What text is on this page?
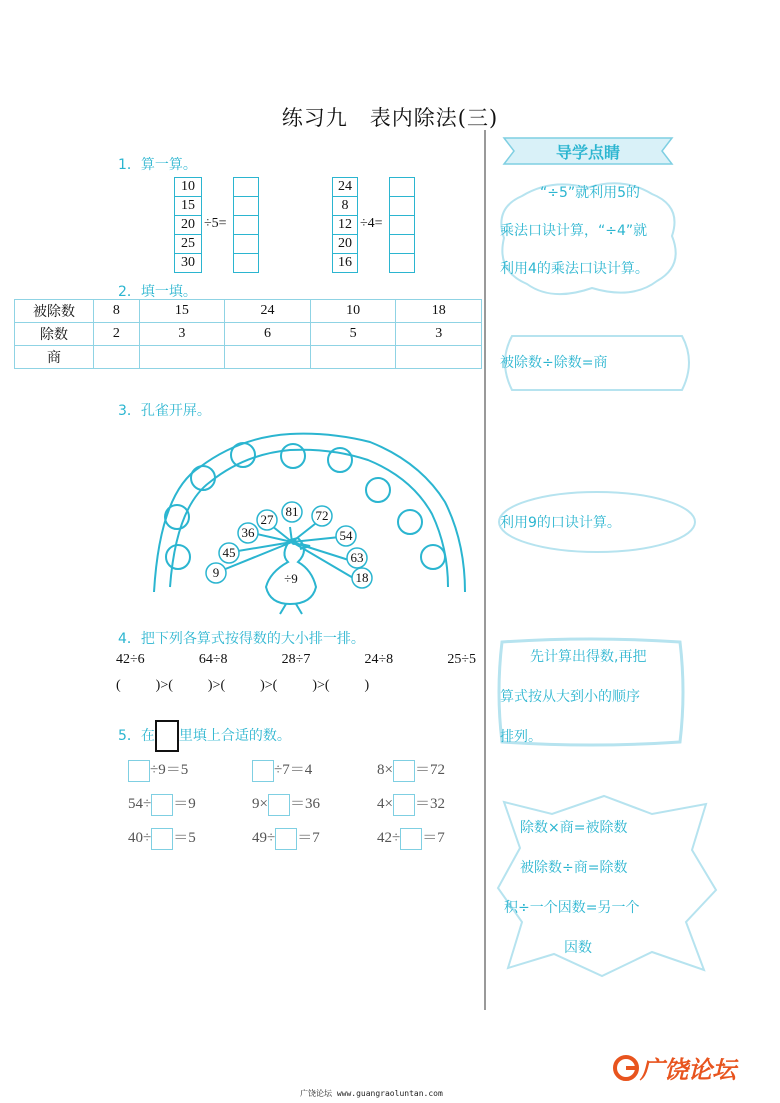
练习九　表内除法(三)
1．算一算。
10
15
20
25
30
÷5=
24
8
12
20
16
÷4=
2．填一填。
被除数	8	15	24	10	18
除数	2	3	6	5	3
商					
3．孔雀开屏。
81 72
27
36	54
45	63
9	18
÷9
4．把下列各算式按得数的大小排一排。
42÷6	64÷8	28÷7	24÷8	25÷5
(          )>(          )>(          )>(          )>(          )
5．在 里填上合适的数。
÷9＝5	÷7＝4	8× ＝72
54÷ ＝9	9× ＝36	4× ＝32
40÷ ＝5	49÷ ＝7	42÷ ＝7
导学点睛
“÷5”就利用5的
乘法口诀计算，“÷4”就
利用4的乘法口诀计算。
被除数÷除数=商
利用9的口诀计算。
先计算出得数,再把
算式按从大到小的顺序
排列。
除数×商=被除数
被除数÷商=除数
积÷一个因数=另一个
因数
广饶论坛 www.guangraoluntan.com
广饶论坛
